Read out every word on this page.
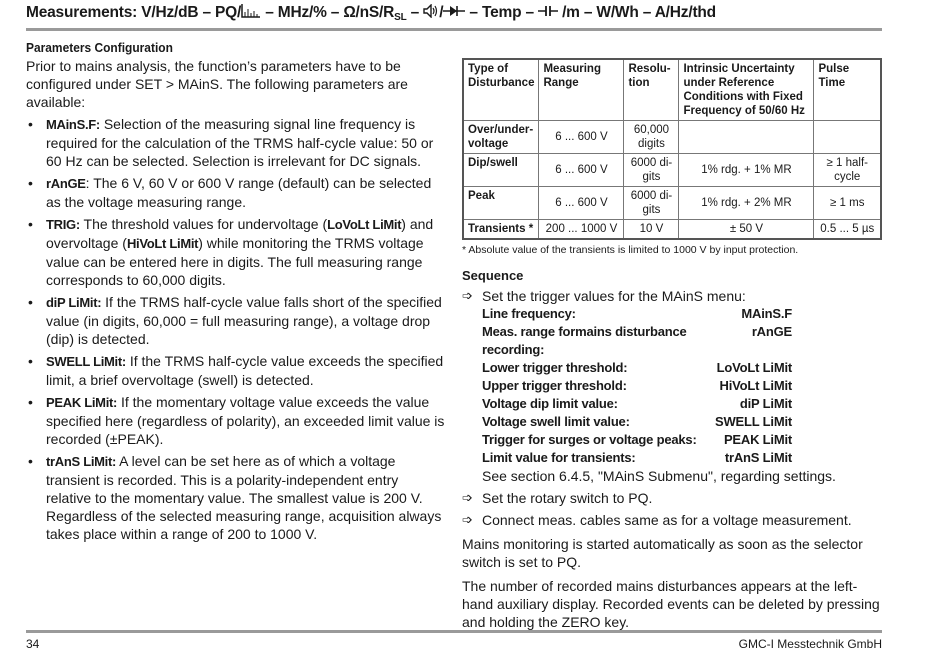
Measurements: $V/Hz/dB - PQ/ - MHz/\% - \Omega/nS/R_{SL}$ – / – Temp –  /m – W/Wh – A/Hz/thd
Parameters Configuration

Prior to mains analysis, the function’s parameters have to be configured under SET > MAinS. The following parameters are available:

• MAinS.F: Selection of the measuring signal line frequency is required for the calculation of the TRMS half-cycle value: 50 or 60 Hz can be selected. Selection is irrelevant for DC signals.
• rAnGE: The 6 V, 60 V or 600 V range (default) can be selected as the voltage measuring range.
• TRIG: The threshold values for undervoltage (LoVoLt LiMit) and overvoltage (HiVoLt LiMit) while monitoring the TRMS voltage value can be entered here in digits. The full measuring range corresponds to 60,000 digits.
• diP LiMit: If the TRMS half-cycle value falls short of the specified value (in digits, 60,000 = full measuring range), a voltage drop (dip) is detected.
• SWELL LiMit: If the TRMS half-cycle value exceeds the specified limit, a brief overvoltage (swell) is detected.
• PEAK LiMit: If the momentary voltage value exceeds the value specified here (regardless of polarity), an exceeded limit value is recorded (±PEAK).
• trAnS LiMit: A level can be set here as of which a voltage transient is recorded. This is a polarity-independent entry relative to the momentary value. The smallest value is 200 V. Regardless of the selected measuring range, acquisition always takes place within a range of 200 to 1000 V.
Type of Disturbance	Measuring Range	Resolu-tion	Intrinsic Uncertainty under Reference Conditions with Fixed Frequency of 50/60 Hz	Pulse Time
Over/under-voltage	6 ... 600 V	60,000 digits		
Dip/swell	6 ... 600 V	6000 di-gits	1% rdg. + 1% MR	≥ 1 half-cycle
Peak	6 ... 600 V	6000 di-gits	1% rdg. + 2% MR	≥ 1 ms
Transients *	200 ... 1000 V	10 V	± 50 V	0.5 ... 5 µs

* Absolute value of the transients is limited to 1000 V by input protection.

Sequence
➩ Set the trigger values for the MAinS menu:
Line frequency:	MAinS.F
Meas. range formains disturbance recording:
rAnGE
Lower trigger threshold:	LoVoLt LiMit
Upper trigger threshold:	HiVoLt LiMit
Voltage dip limit value:	diP LiMit
Voltage swell limit value:	SWELL LiMit
Trigger for surges or voltage peaks: PEAK LiMit
Limit value for transients:	trAnS LiMit
See section 6.4.5, "MAinS Submenu", regarding settings.
➩ Set the rotary switch to PQ.
➩ Connect meas. cables same as for a voltage measurement.

Mains monitoring is started automatically as soon as the selector switch is set to PQ.

The number of recorded mains disturbances appears at the left-hand auxiliary display. Recorded events can be deleted by pressing and holding the ZERO key.

34	GMC-I Messtechnik GmbH
